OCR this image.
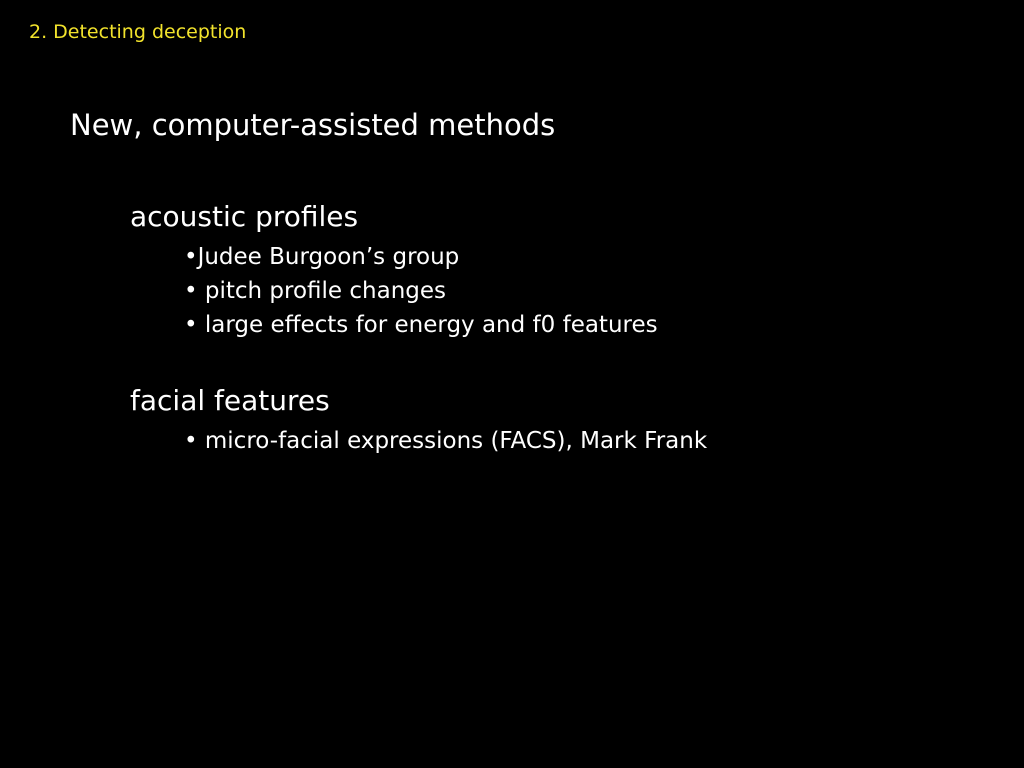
2. Detecting deception
New, computer-assisted methods
acoustic profiles
•Judee Burgoon’s group
• pitch profile changes
• large effects for energy and f0 features
facial features
• micro-facial expressions (FACS), Mark Frank
